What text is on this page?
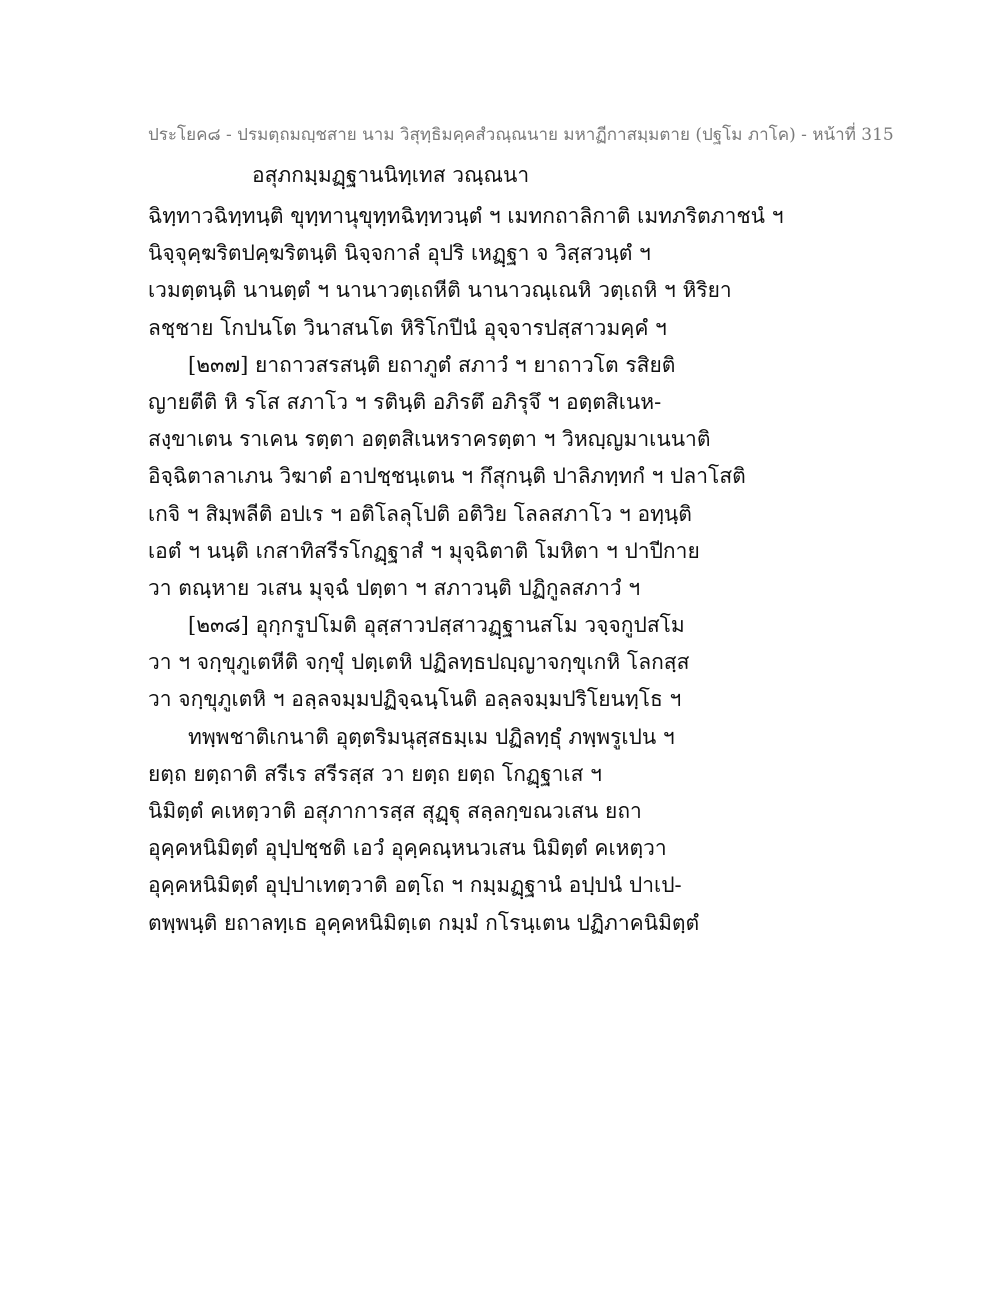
ประโยค๘ - ปรมตฺถมญฺชสาย นาม วิสุทฺธิมคฺคสํวณฺณนาย มหาฏีกาสมฺมตาย (ปฐโม ภาโค) - หน้าที่ 315
อสุภกมฺมฏฺฐานนิทฺเทส วณฺณนา
ฉิทฺทาวฉิทฺทนฺติ ขุทฺทานุขุทฺทฉิทฺทวนฺตํ ฯ เมทกถาลิกาติ เมทภริตภาชนํ ฯ
นิจฺจุคฺฆริตปคฺฆริตนฺติ นิจฺจกาลํ อุปริ เหฏฺฐา จ วิสฺสวนฺตํ ฯ
เวมตฺตนฺติ นานตฺตํ ฯ นานาวตฺเถหีติ นานาวณฺเณหิ วตฺเถหิ ฯ หิริยา
ลชฺชาย โกปนโต วินาสนโต หิริโกปีนํ อุจฺจารปสฺสาวมคฺคํ ฯ
[๒๓๗] ยาถาวสรสนฺติ ยถาภูตํ สภาวํ ฯ ยาถาวโต รสิยติ
ญายตีติ หิ รโส สภาโว ฯ รตินฺติ อภิรตึ อภิรุจึ ฯ อตฺตสิเนห-
สงฺขาเตน ราเคน รตฺตา อตฺตสิเนหราครตฺตา ฯ วิหญฺญมาเนนาติ
อิจฺฉิตาลาเภน วิฆาตํ อาปชฺชนฺเตน ฯ กึสุกนฺติ ปาลิภทฺทกํ ฯ ปลาโสติ
เกจิ ฯ สิมฺพลีติ อปเร ฯ อติโลลุโปติ อติวิย โลลสภาโว ฯ อทฺนฺติ
เอตํ ฯ นนฺติ เกสาทิสรีรโกฏฺฐาสํ ฯ มุจฺฉิตาติ โมหิตา ฯ ปาปีกาย
วา ตณฺหาย วเสน มุจฺฉํ ปตฺตา ฯ สภาวนฺติ ปฏิกูลสภาวํ ฯ
[๒๓๘] อุกฺกรูปโมติ อุสฺสาวปสฺสาวฏฺฐานสโม วจฺจกูปสโม
วา ฯ จกฺขุภูเตหีติ จกฺขุํ ปตฺเตหิ ปฏิลทฺธปญฺญาจกฺขุเกหิ โลกสฺส
วา จกฺขุภูเตหิ ฯ อลฺลจมฺมปฏิจฺฉนฺโนติ อลฺลจมฺมปริโยนทฺโธ ฯ
ทพฺพชาติเกนาติ อุตฺตริมนุสฺสธมฺเม ปฏิลทฺธุํ ภพฺพรูเปน ฯ
ยตฺถ ยตฺถาติ สรีเร สรีรสฺส วา ยตฺถ ยตฺถ โกฏฺฐาเส ฯ
นิมิตฺตํ คเหตฺวาติ อสุภาการสฺส สุฏฺฐุ สลฺลกฺขณวเสน ยถา
อุคฺคหนิมิตฺตํ อุปฺปชฺชติ เอวํ อุคฺคณฺหนวเสน นิมิตฺตํ คเหตฺวา
อุคฺคหนิมิตฺตํ อุปฺปาเทตฺวาติ อตฺโถ ฯ กมฺมฏฺฐานํ อปฺปนํ ปาเป-
ตพฺพนฺติ ยถาลทฺเธ อุคฺคหนิมิตฺเต กมฺมํ กโรนฺเตน ปฏิภาคนิมิตฺตํ
